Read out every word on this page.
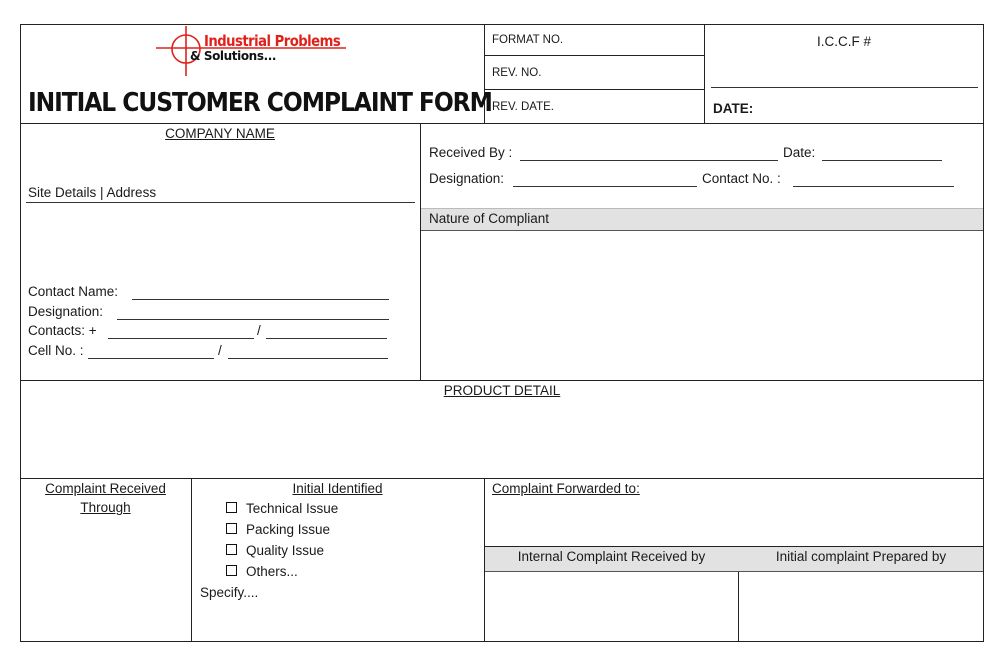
Industrial Problems
& Solutions...
INITIAL CUSTOMER COMPLAINT FORM
FORMAT NO.
REV. NO.
REV. DATE.
I.C.C.F #
DATE:
COMPANY NAME
Site Details | Address
Contact Name:
Designation:
Contacts: +	/
Cell No. :	/
Received By :	Date:
Designation:	Contact No. :
Nature of Compliant
PRODUCT DETAIL
Complaint Received
Through
Initial Identified
Technical Issue
Packing Issue
Quality Issue
Others...
Specify....
Complaint Forwarded to:
Internal Complaint Received by	Initial complaint Prepared by
